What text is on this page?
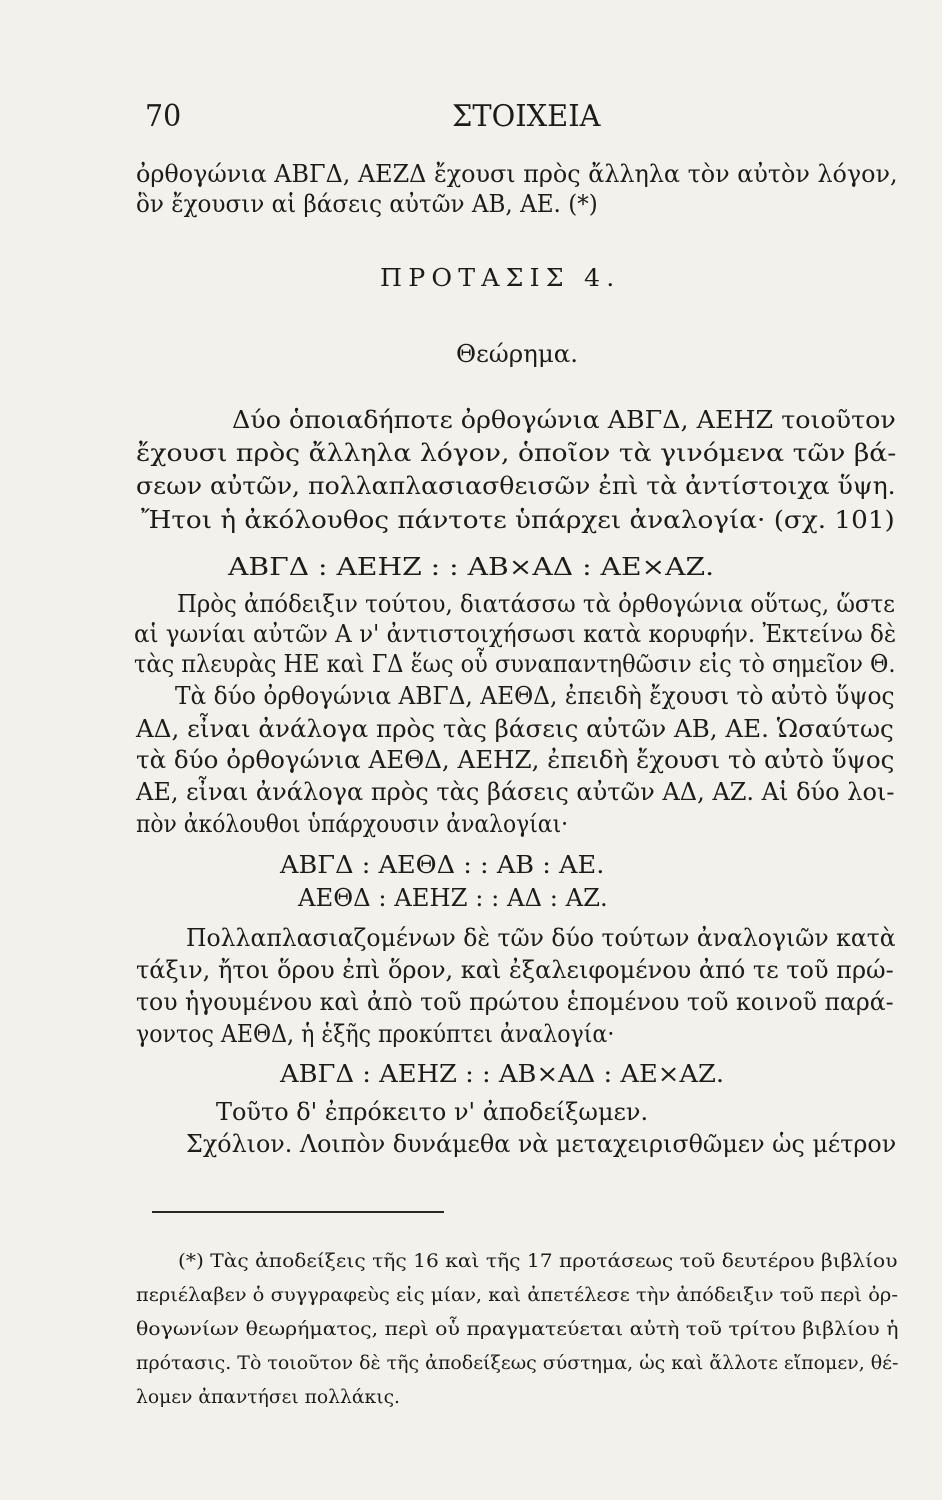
70	ΣΤΟΙΧΕΙΑ
ὀρθογώνια ΑΒΓΔ, ΑΕΖΔ ἔχουσι πρὸς ἄλληλα τὸν αὐτὸν λόγον,
ὃν ἔχουσιν αἱ βάσεις αὐτῶν ΑΒ, ΑΕ. (*)
ΠΡΟΤΑΣΙΣ 4.
Θεώρημα.
Δύο ὁποιαδήποτε ὀρθογώνια ΑΒΓΔ, ΑΕΗΖ τοιοῦτον
ἔχουσι πρὸς ἄλληλα λόγον, ὁποῖον τὰ γινόμενα τῶν βά-
σεων αὐτῶν, πολλαπλασιασθεισῶν ἐπὶ τὰ ἀντίστοιχα ὕψη.
Ἤτοι ἡ ἀκόλουθος πάντοτε ὑπάρχει ἀναλογία· (σχ. 101)
ΑΒΓΔ : ΑΕΗΖ : : ΑΒ×ΑΔ : ΑΕ×ΑΖ.
Πρὸς ἀπόδειξιν τούτου, διατάσσω τὰ ὀρθογώνια οὕτως, ὥστε
αἱ γωνίαι αὐτῶν Α ν' ἀντιστοιχήσωσι κατὰ κορυφήν. Ἐκτείνω δὲ
τὰς πλευρὰς ΗΕ καὶ ΓΔ ἕως οὗ συναπαντηθῶσιν εἰς τὸ σημεῖον Θ.
Τὰ δύο ὀρθογώνια ΑΒΓΔ, ΑΕΘΔ, ἐπειδὴ ἔχουσι τὸ αὐτὸ ὕψος
ΑΔ, εἶναι ἀνάλογα πρὸς τὰς βάσεις αὐτῶν ΑΒ, ΑΕ. Ὡσαύτως
τὰ δύο ὀρθογώνια ΑΕΘΔ, ΑΕΗΖ, ἐπειδὴ ἔχουσι τὸ αὐτὸ ὕψος
ΑΕ, εἶναι ἀνάλογα πρὸς τὰς βάσεις αὐτῶν ΑΔ, ΑΖ. Αἱ δύο λοι-
πὸν ἀκόλουθοι ὑπάρχουσιν ἀναλογίαι·
ΑΒΓΔ : ΑΕΘΔ : : ΑΒ : ΑΕ.
ΑΕΘΔ : ΑΕΗΖ : : ΑΔ : ΑΖ.
Πολλαπλασιαζομένων δὲ τῶν δύο τούτων ἀναλογιῶν κατὰ
τάξιν, ἤτοι ὅρου ἐπὶ ὅρον, καὶ ἐξαλειφομένου ἀπό τε τοῦ πρώ-
του ἡγουμένου καὶ ἀπὸ τοῦ πρώτου ἑπομένου τοῦ κοινοῦ παρά-
γοντος ΑΕΘΔ, ἡ ἑξῆς προκύπτει ἀναλογία·
ΑΒΓΔ : ΑΕΗΖ : : ΑΒ×ΑΔ : ΑΕ×ΑΖ.
Τοῦτο δ' ἐπρόκειτο ν' ἀποδείξωμεν.
Σχόλιον. Λοιπὸν δυνάμεθα νὰ μεταχειρισθῶμεν ὡς μέτρον
(*) Τὰς ἀποδείξεις τῆς 16 καὶ τῆς 17 προτάσεως τοῦ δευτέρου βιβλίου
περιέλαβεν ὁ συγγραφεὺς εἰς μίαν, καὶ ἀπετέλεσε τὴν ἀπόδειξιν τοῦ περὶ ὀρ-
θογωνίων θεωρήματος, περὶ οὗ πραγματεύεται αὐτὴ τοῦ τρίτου βιβλίου ἡ
πρότασις. Τὸ τοιοῦτον δὲ τῆς ἀποδείξεως σύστημα, ὡς καὶ ἄλλοτε εἴπομεν, θέ-
λομεν ἀπαντήσει πολλάκις.
